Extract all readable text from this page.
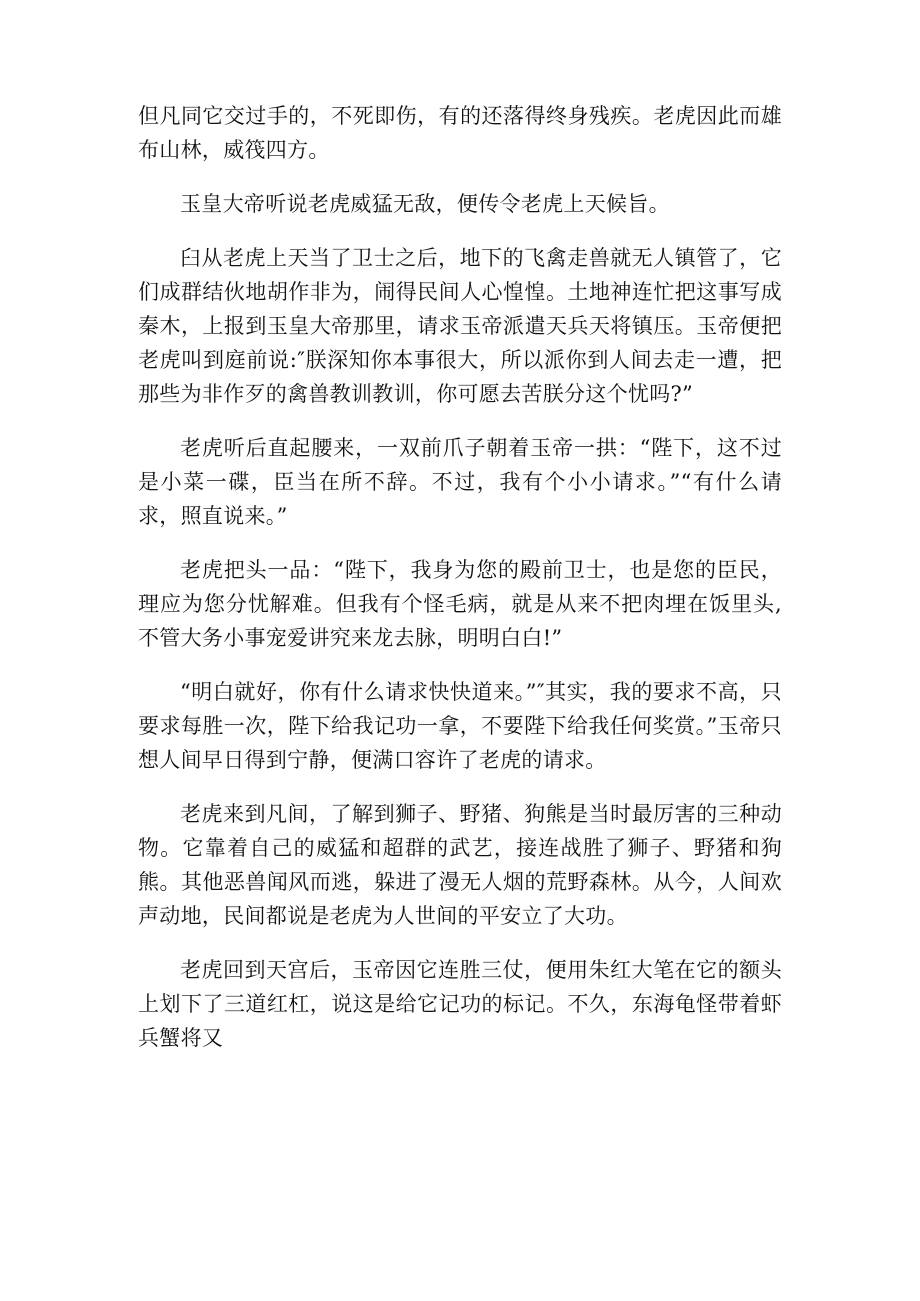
但凡同它交过手的，不死即伤，有的还落得终身残疾。老虎因此而雄布山林，威筏四方。

玉皇大帝听说老虎威猛无敌，便传令老虎上天候旨。

臼从老虎上天当了卫士之后，地下的飞禽走兽就无人镇管了，它们成群结伙地胡作非为，闹得民间人心惶惶。土地神连忙把这事写成秦木，上报到玉皇大帝那里，请求玉帝派遣天兵天将镇压。玉帝便把老虎叫到庭前说:″朕深知你本事很大，所以派你到人间去走一遭，把那些为非作歹的禽兽教训教训，你可愿去苦朕分这个忧吗?”

老虎听后直起腰来，一双前爪子朝着玉帝一拱：“陛下，这不过是小菜一碟，臣当在所不辞。不过，我有个小小请求。”“有什么请求，照直说来。”

老虎把头一品：“陛下，我身为您的殿前卫士，也是您的臣民，理应为您分忧解难。但我有个怪毛病，就是从来不把肉埋在饭里头,不管大务小事宠爱讲究来龙去脉，明明白白!”

“明白就好，你有什么请求快快道来。”″其实，我的要求不高，只要求每胜一次，陛下给我记功一拿，不要陛下给我任何奖赏。”玉帝只想人间早日得到宁静，便满口容许了老虎的请求。

老虎来到凡间，了解到狮子、野猪、狗熊是当时最厉害的三种动物。它靠着自己的威猛和超群的武艺，接连战胜了狮子、野猪和狗熊。其他恶兽闻风而逃，躲进了漫无人烟的荒野森林。从今，人间欢声动地，民间都说是老虎为人世间的平安立了大功。

老虎回到天宫后，玉帝因它连胜三仗，便用朱红大笔在它的额头上划下了三道红杠，说这是给它记功的标记。不久，东海龟怪带着虾兵蟹将又
